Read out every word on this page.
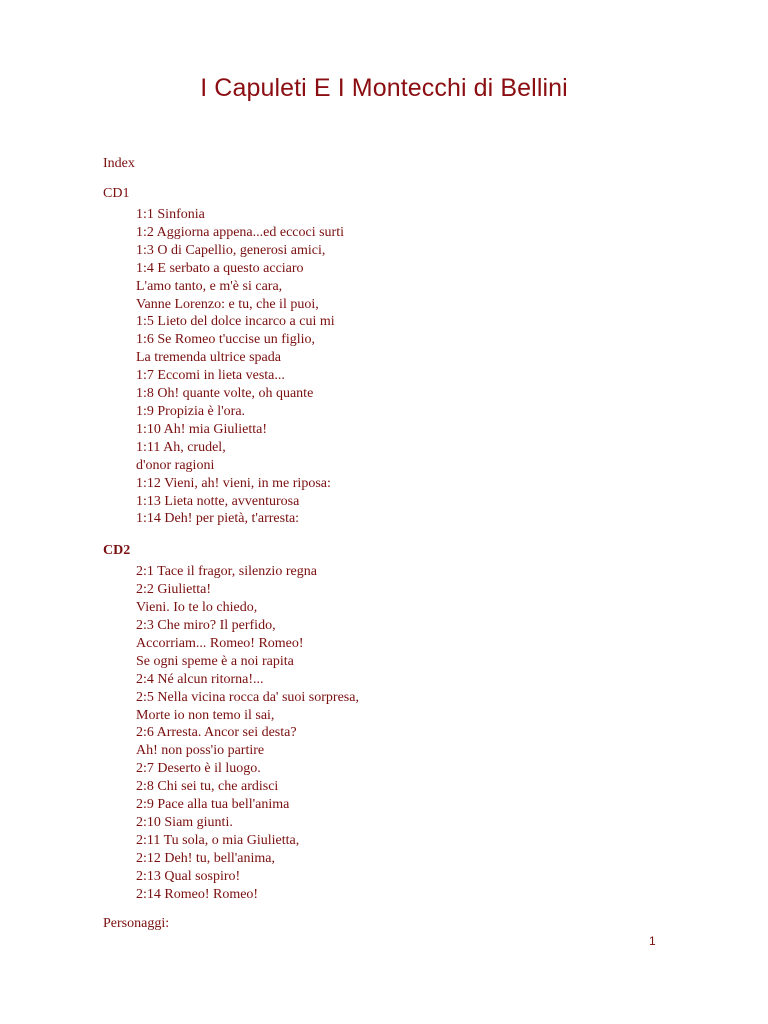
I Capuleti E I Montecchi di Bellini

Index

CD1

1:1 Sinfonia
1:2 Aggiorna appena...ed eccoci surti
1:3 O di Capellio, generosi amici,
1:4 E serbato a questo acciaro
L'amo tanto, e m'è si cara,
Vanne Lorenzo: e tu, che il puoi,
1:5 Lieto del dolce incarco a cui mi
1:6 Se Romeo t'uccise un figlio,
La tremenda ultrice spada
1:7 Eccomi in lieta vesta...
1:8 Oh! quante volte, oh quante
1:9 Propizia è l'ora.
1:10 Ah! mia Giulietta!
1:11 Ah, crudel,
d'onor ragioni
1:12 Vieni, ah! vieni, in me riposa:
1:13 Lieta notte, avventurosa
1:14 Deh! per pietà, t'arresta:

CD2

2:1 Tace il fragor, silenzio regna
2:2 Giulietta!
Vieni. Io te lo chiedo,
2:3 Che miro? Il perfido,
Accorriam... Romeo! Romeo!
Se ogni speme è a noi rapita
2:4 Né alcun ritorna!...
2:5 Nella vicina rocca da' suoi sorpresa,
Morte io non temo il sai,
2:6 Arresta. Ancor sei desta?
Ah! non poss'io partire
2:7 Deserto è il luogo.
2:8 Chi sei tu, che ardisci
2:9 Pace alla tua bell'anima
2:10 Siam giunti.
2:11 Tu sola, o mia Giulietta,
2:12 Deh! tu, bell'anima,
2:13 Qual sospiro!
2:14 Romeo! Romeo!

Personaggi:

1
